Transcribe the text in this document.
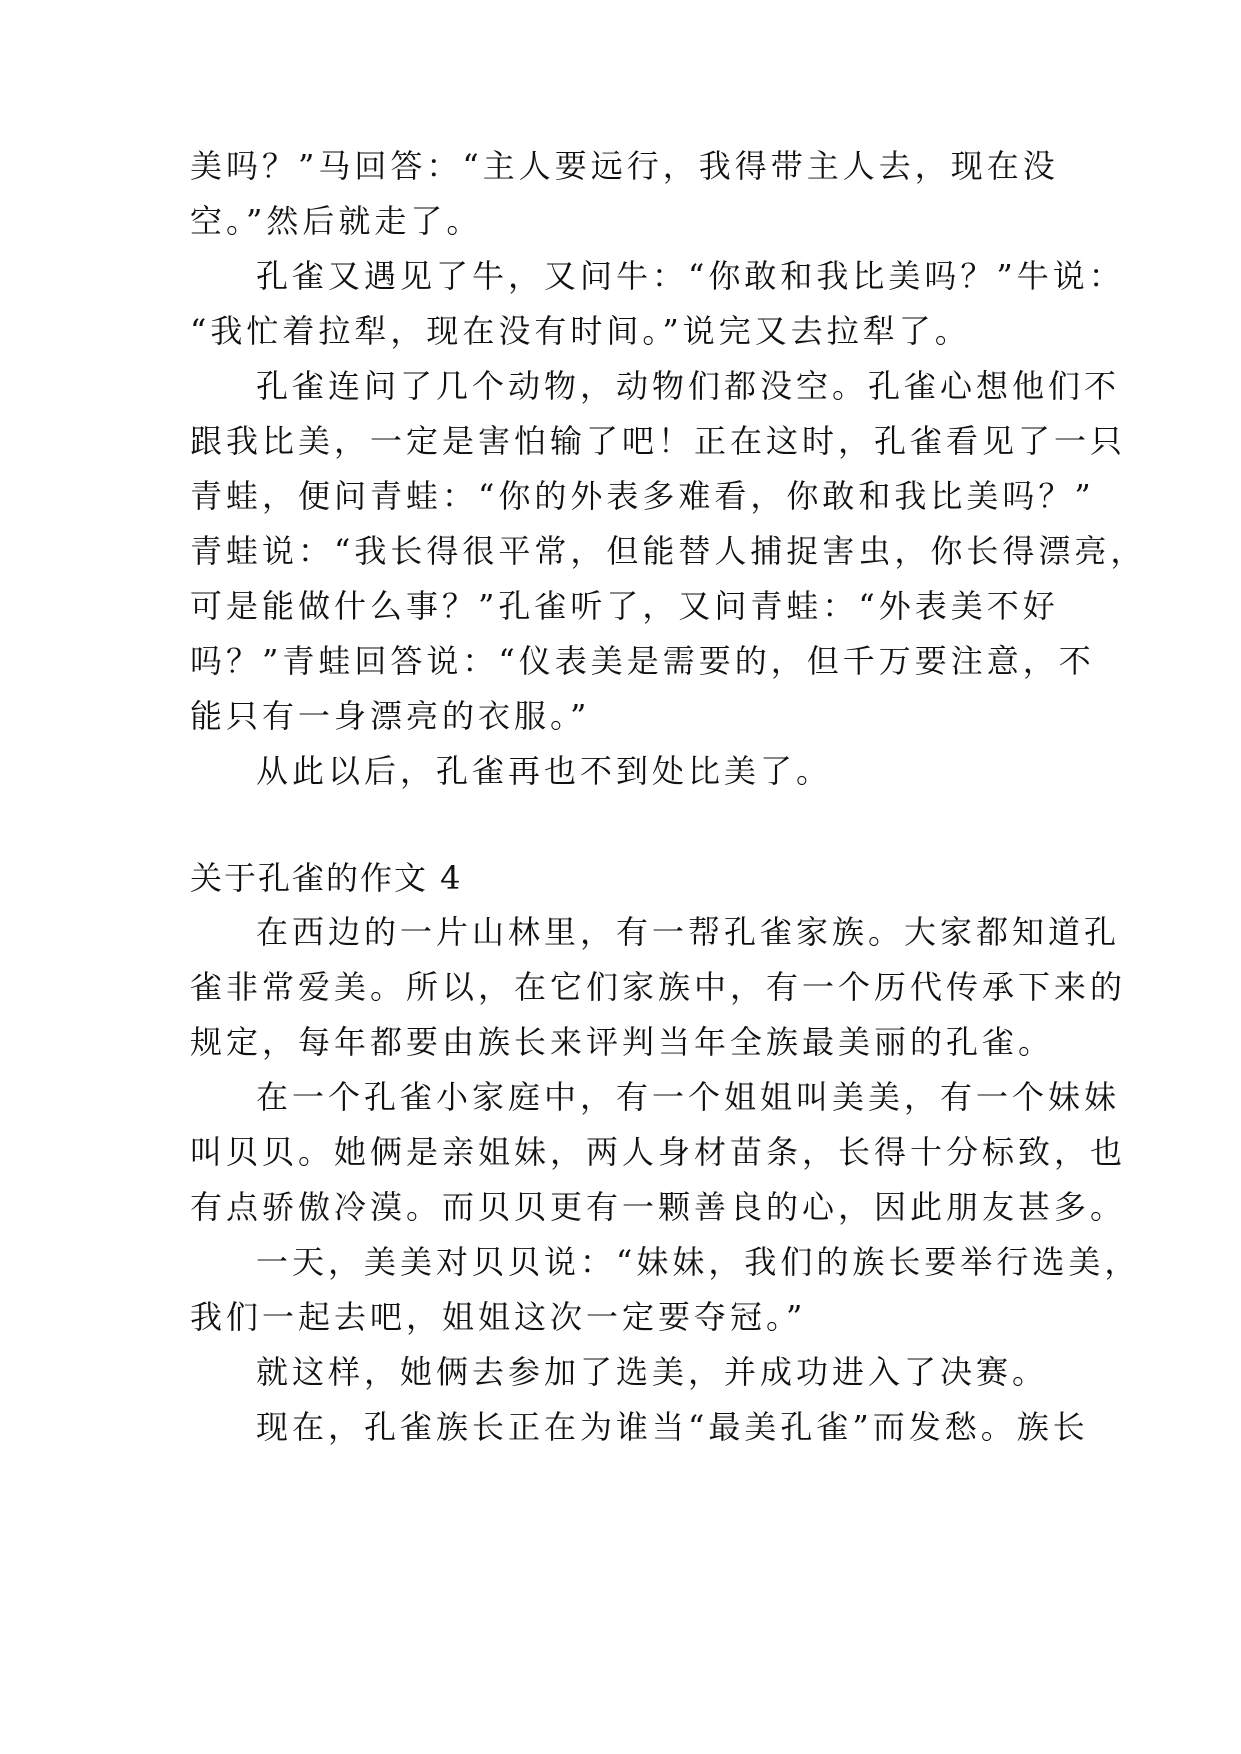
美吗？”马回答：“主人要远行，我得带主人去，现在没
空。”然后就走了。
孔雀又遇见了牛，又问牛：“你敢和我比美吗？”牛说：
“我忙着拉犁，现在没有时间。”说完又去拉犁了。
孔雀连问了几个动物，动物们都没空。孔雀心想他们不
跟我比美，一定是害怕输了吧！正在这时，孔雀看见了一只
青蛙，便问青蛙：“你的外表多难看，你敢和我比美吗？”
青蛙说：“我长得很平常，但能替人捕捉害虫，你长得漂亮，
可是能做什么事？”孔雀听了，又问青蛙：“外表美不好
吗？”青蛙回答说：“仪表美是需要的，但千万要注意，不
能只有一身漂亮的衣服。”
从此以后，孔雀再也不到处比美了。
关于孔雀的作文 4
在西边的一片山林里，有一帮孔雀家族。大家都知道孔
雀非常爱美。所以，在它们家族中，有一个历代传承下来的
规定，每年都要由族长来评判当年全族最美丽的孔雀。
在一个孔雀小家庭中，有一个姐姐叫美美，有一个妹妹
叫贝贝。她俩是亲姐妹，两人身材苗条，长得十分标致，也
有点骄傲冷漠。而贝贝更有一颗善良的心，因此朋友甚多。
一天，美美对贝贝说：“妹妹，我们的族长要举行选美，
我们一起去吧，姐姐这次一定要夺冠。”
就这样，她俩去参加了选美，并成功进入了决赛。
现在，孔雀族长正在为谁当“最美孔雀”而发愁。族长
